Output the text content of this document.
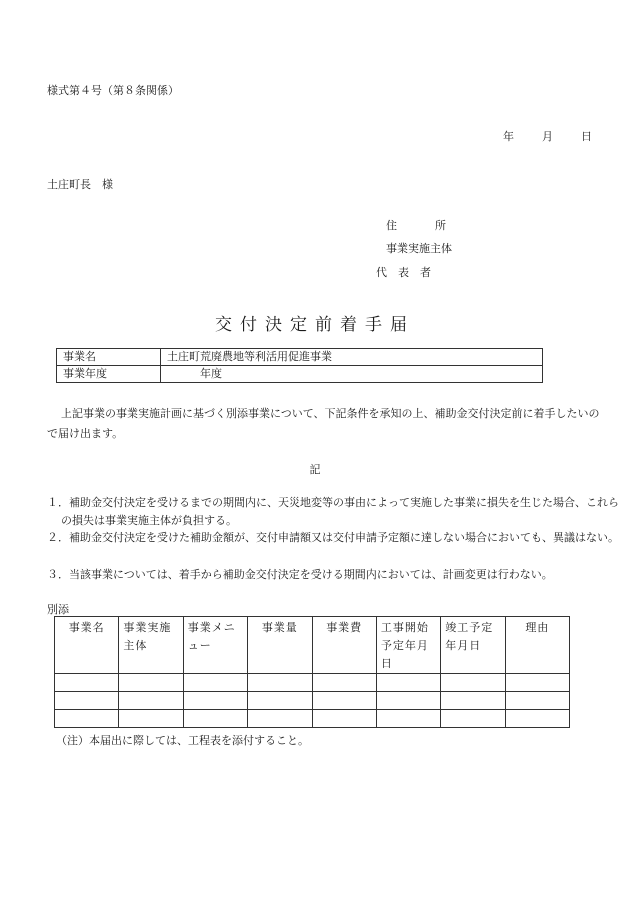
様式第４号（第８条関係）
年	月	日
土庄町長　様
住	所
事業実施主体
代　表　者
交付決定前着手届
事業名	土庄町荒廃農地等利活用促進事業
事業年度	　　　年度
上記事業の事業実施計画に基づく別添事業について、下記条件を承知の上、補助金交付決定前に着手したいので届け出ます。
記
１．補助金交付決定を受けるまでの期間内に、天災地変等の事由によって実施した事業に損失を生じた場合、これらの損失は事業実施主体が負担する。
２．補助金交付決定を受けた補助金額が、交付申請額又は交付申請予定額に達しない場合においても、異議はない。
３．当該事業については、着手から補助金交付決定を受ける期間内においては、計画変更は行わない。
別添
事業名	事業実施主体	事業メニュー	事業量	事業費	工事開始予定年月日	竣工予定年月日	理由

（注）本届出に際しては、工程表を添付すること。
